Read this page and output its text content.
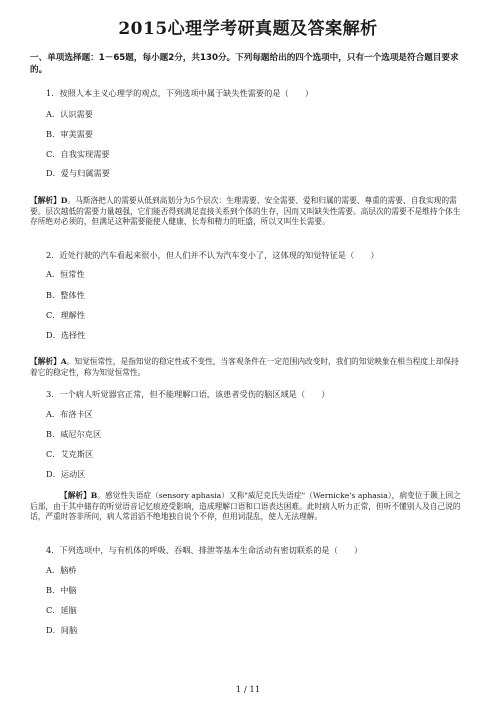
2015心理学考研真题及答案解析
一、单项选择题：1－65题，每小题2分，共130分。下列每题给出的四个选项中，只有一个选项是符合题目要求的。
1．按照人本主义心理学的观点，下列选项中属于缺失性需要的是（　　）
A．认识需要
B．审美需要
C．自我实现需要
D．爱与归属需要
【解析】D。马斯洛把人的需要从低到高划分为5个层次：生理需要、安全需要、爱和归属的需要、尊重的需要、自我实现的需要。层次越低的需要力量越强，它们能否得到满足直接关系到个体的生存，因而又叫缺失性需要。高层次的需要不是维持个体生存所绝对必须的，但满足这种需要能使人健康、长寿和精力的旺盛，所以又叫生长需要。
2．近处行驶的汽车看起来很小，但人们并不认为汽车变小了，这体现的知觉特征是（　　）
A．恒常性
B．整体性
C．理解性
D．选择性
【解析】A。知觉恒常性，是指知觉的稳定性或不变性，当客观条件在一定范围内改变时，我们的知觉映象在相当程度上却保持着它的稳定性，称为知觉恒常性。
3．一个病人听觉器官正常，但不能理解口语，该患者受伤的脑区域是（　　）
A．布洛卡区
B．威尼尔克区
C．艾克斯区
D．运动区
【解析】B。感觉性失语症（sensory aphasia）又称"威尼克氏失语症"（Wernicke's aphasia），病变位于颞上回之后部，由于其中储存的听觉语音记忆痕迹受影响，造成理解口语和口语表达困难。此时病人听力正常，但听不懂别人及自己说的话，严重时答非所问，病人常滔滔不绝地独自说个不停，但用词混乱，使人无法理解。
4．下列选项中，与有机体的呼吸、吞咽、排泄等基本生命活动有密切联系的是（　　）
A．脑桥
B．中脑
C．延脑
D．间脑
1 / 11
